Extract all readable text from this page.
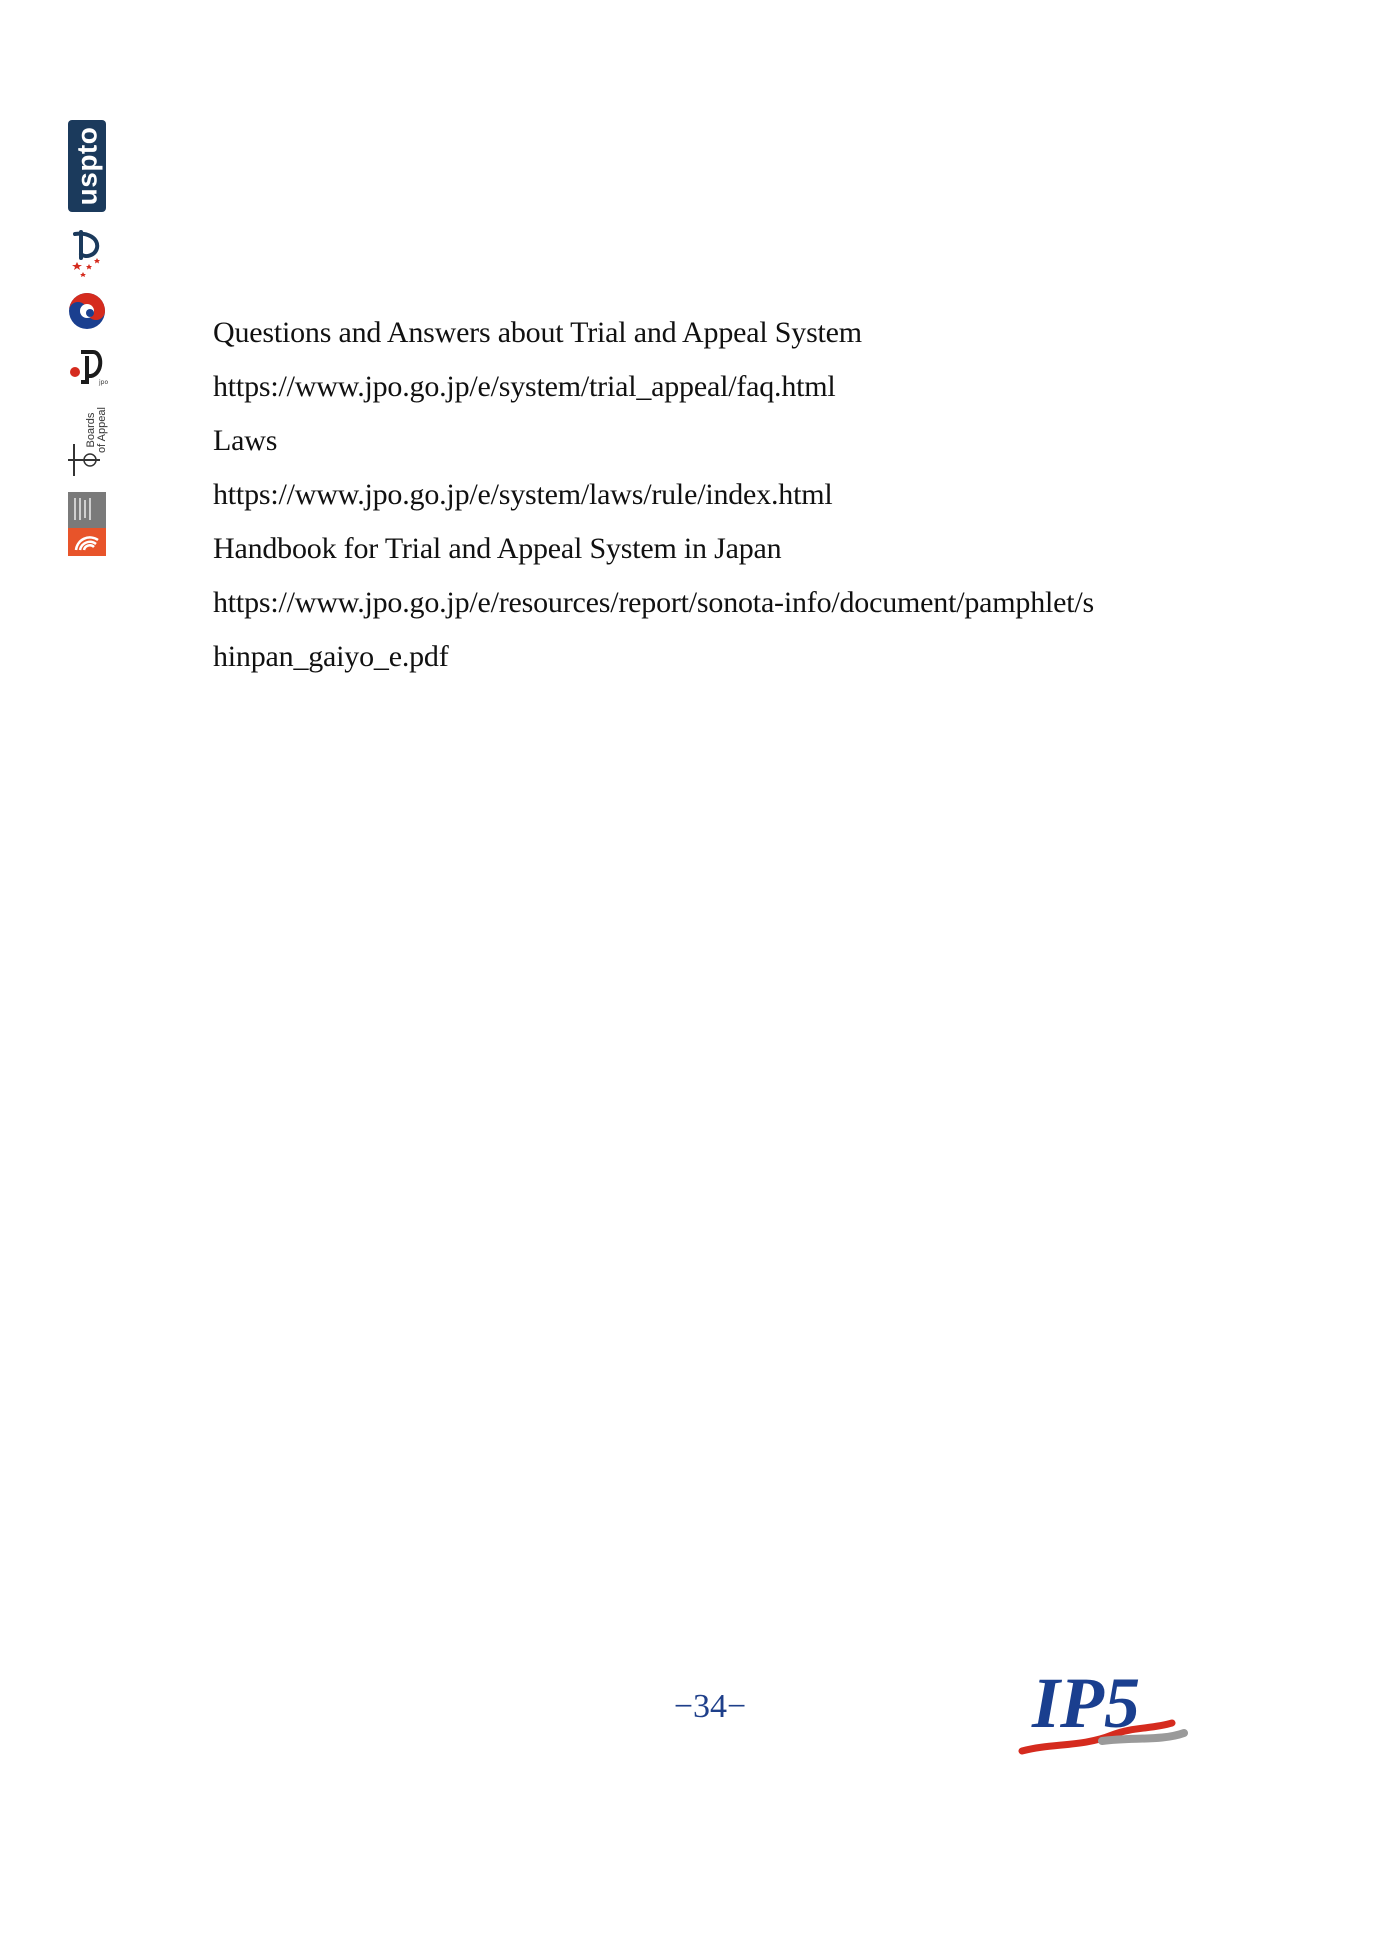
uspto
jpo
Boards of Appeal

Questions and Answers about Trial and Appeal System

https://www.jpo.go.jp/e/system/trial_appeal/faq.html

Laws

https://www.jpo.go.jp/e/system/laws/rule/index.html

Handbook for Trial and Appeal System in Japan

https://www.jpo.go.jp/e/resources/report/sonota-info/document/pamphlet/s

hinpan_gaiyo_e.pdf

−34−	IP5
